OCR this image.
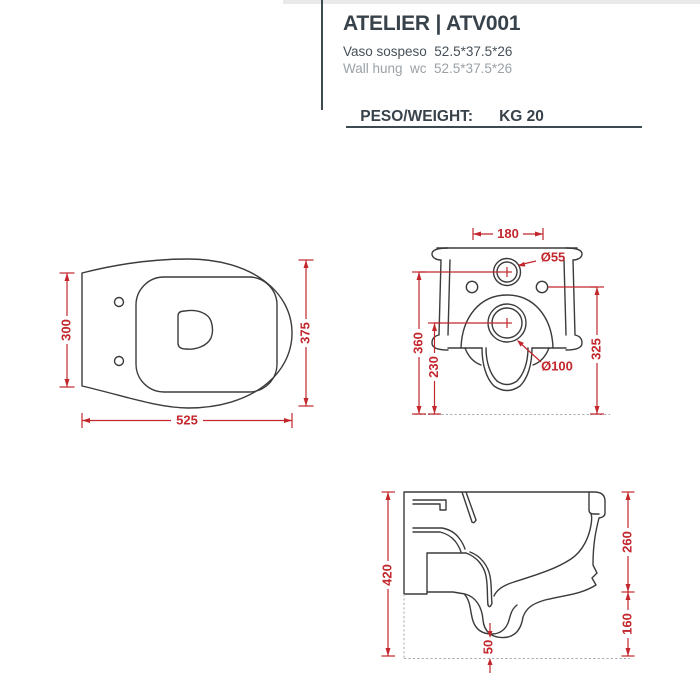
ATELIER | ATV001
Vaso sospeso  52.5*37.5*26
Wall hung  wc  52.5*37.5*26

PESO/WEIGHT: KG 20

300	375
525
180
Ø55
Ø100
360
230
325
420
260
160
50
